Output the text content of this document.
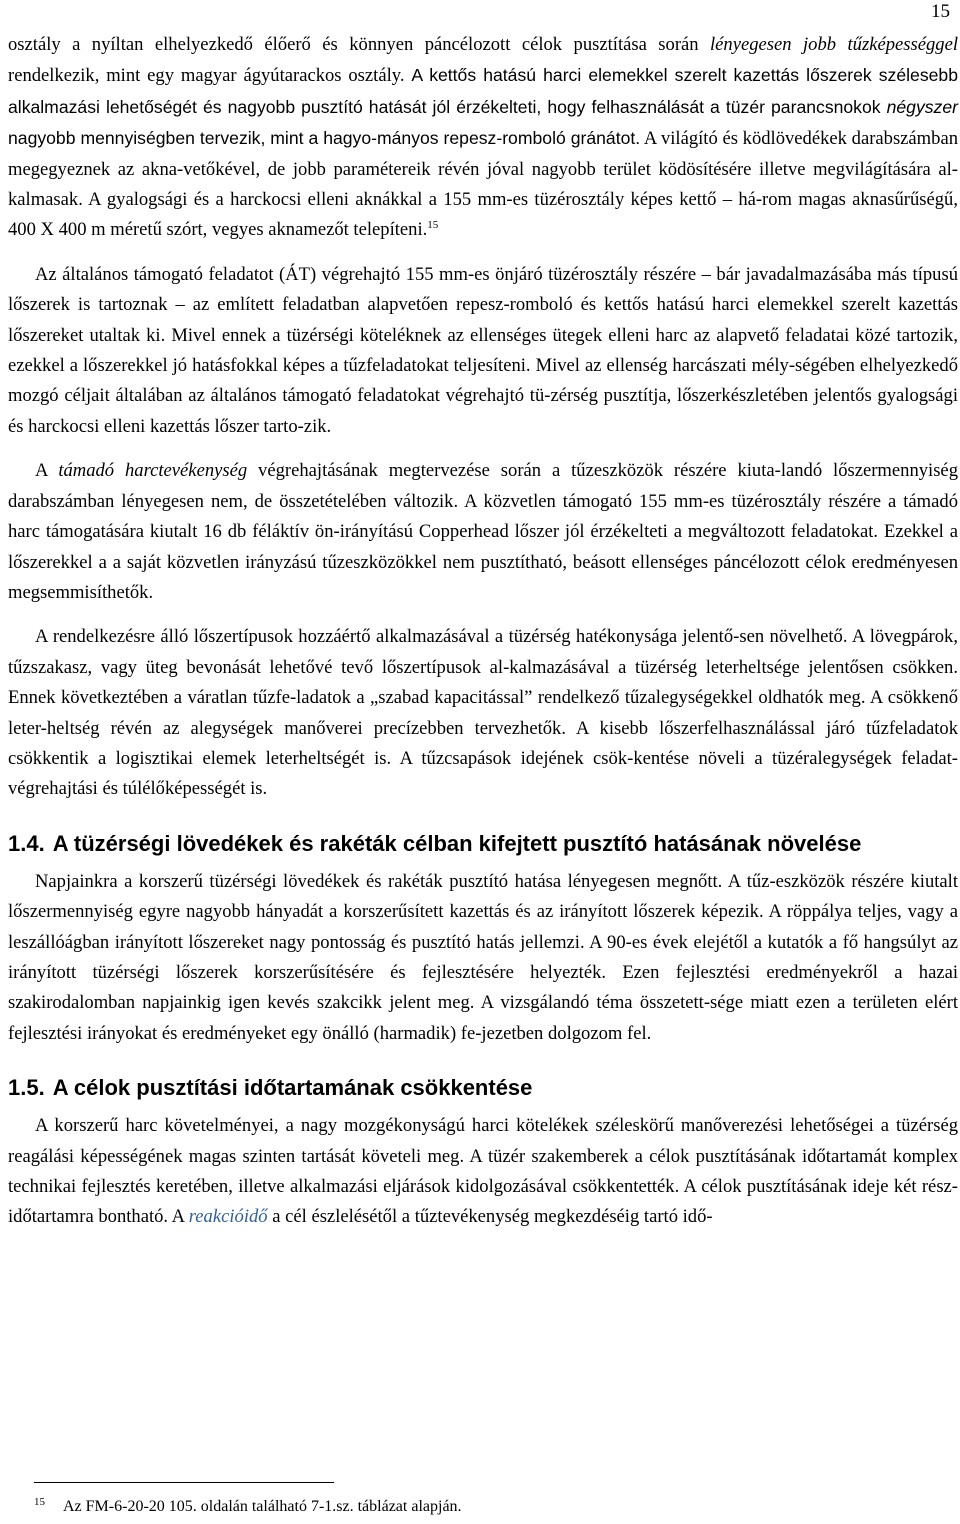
15

osztály a nyíltan elhelyezkedő élőerő és könnyen páncélozott célok pusztítása során lényegesen jobb tűzképességgel rendelkezik, mint egy magyar ágyútarackos osztály. A kettős hatású harci elemekkel szerelt kazettás lőszerek szélesebb alkalmazási lehetőségét és nagyobb pusztító hatását jól érzékelteti, hogy felhasználását a tüzér parancsnokok négyszer nagyobb mennyiségben tervezik, mint a hagyo-mányos repesz-romboló gránátot. A világító és ködlövedékek darabszámban megegyeznek az akna-vetőkével, de jobb paramétereik révén jóval nagyobb terület ködösítésére illetve megvilágítására al-kalmasak. A gyalogsági és a harckocsi elleni aknákkal a 155 mm-es tüzérosztály képes kettő – há-rom magas aknasűrűségű, 400 X 400 m méretű szórt, vegyes aknamezőt telepíteni.$^{15}$

Az általános támogató feladatot (ÁT) végrehajtó 155 mm-es önjáró tüzérosztály részére – bár javadalmazásába más típusú lőszerek is tartoznak – az említett feladatban alapvetően repesz-romboló és kettős hatású harci elemekkel szerelt kazettás lőszereket utaltak ki. Mivel ennek a tüzérségi köteléknek az ellenséges ütegek elleni harc az alapvető feladatai közé tartozik, ezekkel a lőszerekkel jó hatásfokkal képes a tűzfeladatokat teljesíteni. Mivel az ellenség harcászati mély-ségében elhelyezkedő mozgó céljait általában az általános támogató feladatokat végrehajtó tü-zérség pusztítja, lőszerkészletében jelentős gyalogsági és harckocsi elleni kazettás lőszer tarto-zik.

A támadó harctevékenység végrehajtásának megtervezése során a tűzeszközök részére kiuta-landó lőszermennyiség darabszámban lényegesen nem, de összetételében változik. A közvetlen támogató 155 mm-es tüzérosztály részére a támadó harc támogatására kiutalt 16 db féláktív ön-irányítású Copperhead lőszer jól érzékelteti a megváltozott feladatokat. Ezekkel a lőszerekkel a a saját közvetlen irányzású tűzeszközökkel nem pusztítható, beásott ellenséges páncélozott célok eredményesen megsemmisíthetők.

A rendelkezésre álló lőszertípusok hozzáértő alkalmazásával a tüzérség hatékonysága jelentő-sen növelhető. A lövegpárok, tűzszakasz, vagy üteg bevonását lehetővé tevő lőszertípusok al-kalmazásával a tüzérség leterheltsége jelentősen csökken. Ennek következtében a váratlan tűzfe-ladatok a „szabad kapacitással” rendelkező tűzalegységekkel oldhatók meg. A csökkenő leter-heltség révén az alegységek manőverei precízebben tervezhetők. A kisebb lőszerfelhasználással járó tűzfeladatok csökkentik a logisztikai elemek leterheltségét is. A tűzcsapások idejének csök-kentése növeli a tüzéralegységek feladat-végrehajtási és túlélőképességét is.

1.4. A tüzérségi lövedékek és rakéták célban kifejtett pusztító hatásának növelése

Napjainkra a korszerű tüzérségi lövedékek és rakéták pusztító hatása lényegesen megnőtt. A tűz-eszközök részére kiutalt lőszermennyiség egyre nagyobb hányadát a korszerűsített kazettás és az irányított lőszerek képezik. A röppálya teljes, vagy a leszállóágban irányított lőszereket nagy pontosság és pusztító hatás jellemzi. A 90-es évek elejétől a kutatók a fő hangsúlyt az irányított tüzérségi lőszerek korszerűsítésére és fejlesztésére helyezték. Ezen fejlesztési eredményekről a hazai szakirodalomban napjainkig igen kevés szakcikk jelent meg. A vizsgálandó téma összetett-sége miatt ezen a területen elért fejlesztési irányokat és eredményeket egy önálló (harmadik) fe-jezetben dolgozom fel.

1.5. A célok pusztítási időtartamának csökkentése

A korszerű harc követelményei, a nagy mozgékonyságú harci kötelékek széleskörű manőverezési lehetőségei a tüzérség reagálási képességének magas szinten tartását követeli meg. A tüzér szakemberek a célok pusztításának időtartamát komplex technikai fejlesztés keretében, illetve alkalmazási eljárások kidolgozásával csökkentették. A célok pusztításának ideje két rész-időtartamra bontható. A reakcióidő a cél észlelésétől a tűztevékenység megkezdéséig tartó idő-

$^{15}$ Az FM-6-20-20 105. oldalán található 7-1.sz. táblázat alapján.
